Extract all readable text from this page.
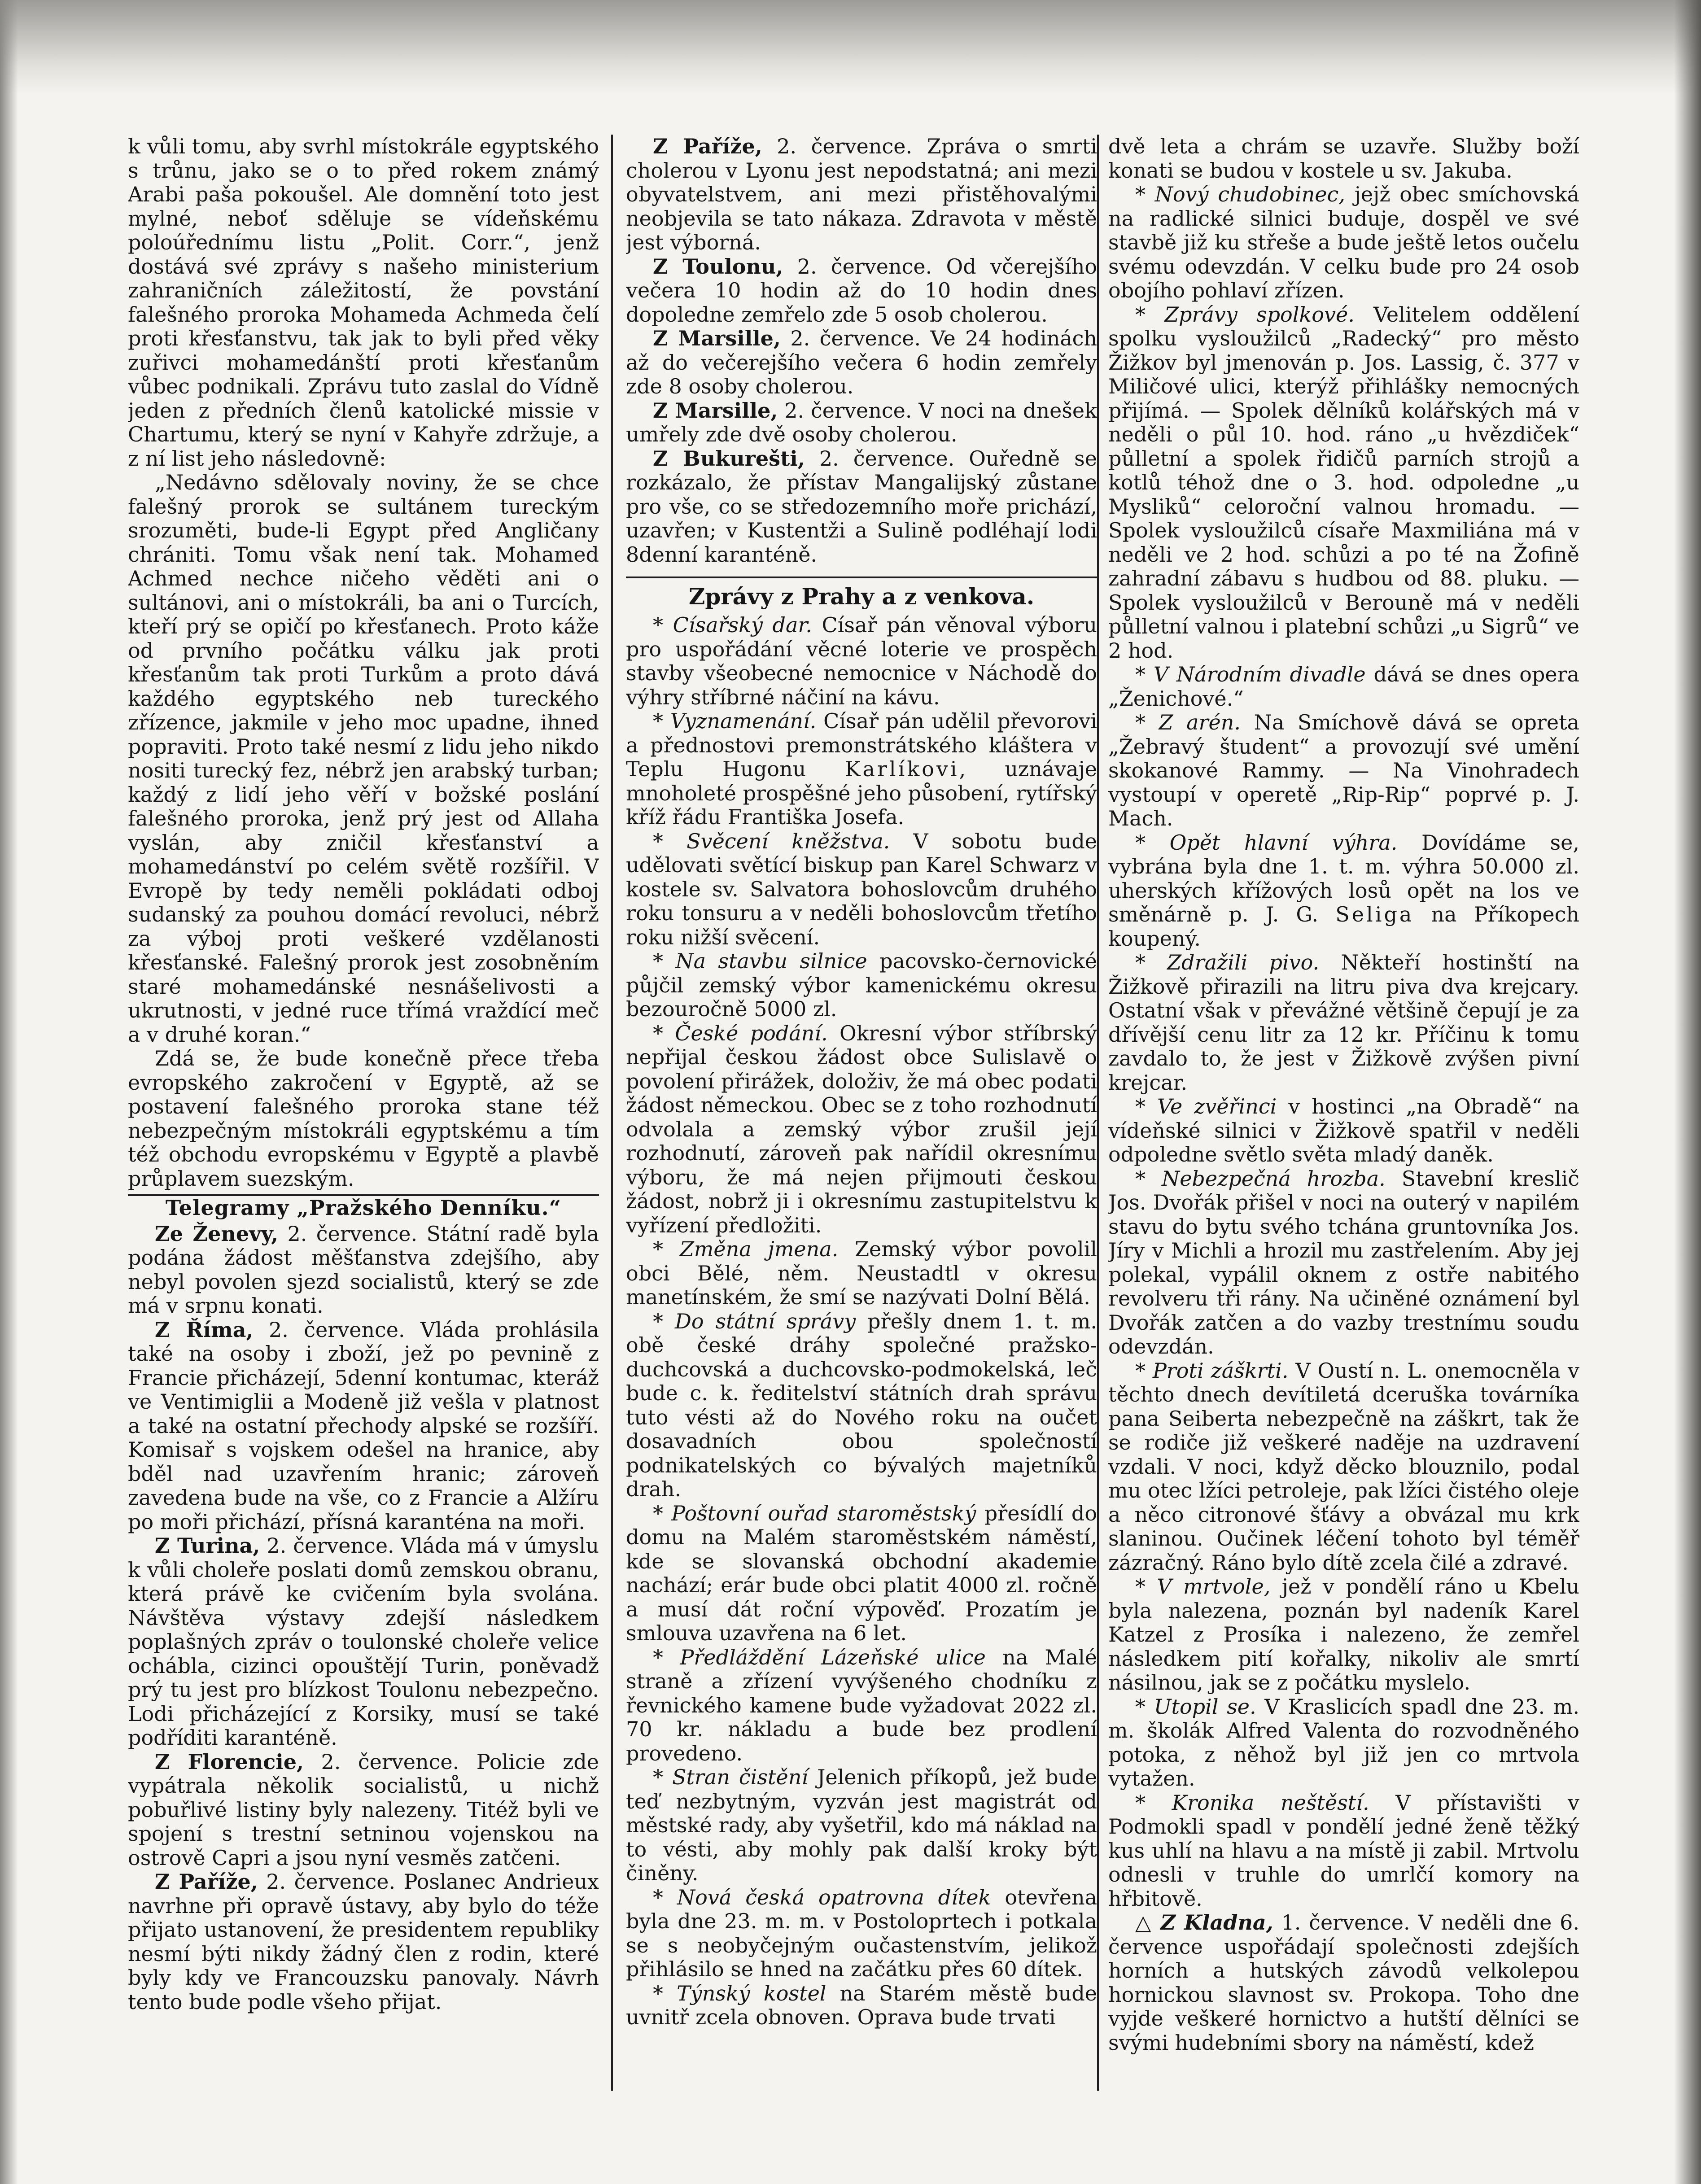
k vůli tomu, aby svrhl místokrále egyptského s trůnu, jako se o to před rokem známý Arabi paša pokoušel. Ale domnění toto jest mylné, neboť sděluje se vídeňskému poloúřednímu listu „Polit. Corr.“, jenž dostává své zprávy s našeho ministerium zahraničních záležitostí, že povstání falešného proroka Mohameda Achmeda čelí proti křesťanstvu, tak jak to byli před věky zuřivci mohamedánští proti křesťanům vůbec podnikali. Zprávu tuto zaslal do Vídně jeden z předních členů katolické missie v Chartumu, který se nyní v Kahyře zdržuje, a z ní list jeho následovně:

„Nedávno sdělovaly noviny, že se chce falešný prorok se sultánem tureckým srozuměti, bude-li Egypt před Angličany chrániti. Tomu však není tak. Mohamed Achmed nechce ničeho věděti ani o sultánovi, ani o místokráli, ba ani o Turcích, kteří prý se opičí po křesťanech. Proto káže od prvního počátku válku jak proti křesťanům tak proti Turkům a proto dává každého egyptského neb tureckého zřízence, jakmile v jeho moc upadne, ihned popraviti. Proto také nesmí z lidu jeho nikdo nositi turecký fez, nébrž jen arabský turban; každý z lidí jeho věří v božské poslání falešného proroka, jenž prý jest od Allaha vyslán, aby zničil křesťanství a mohamedánství po celém světě rozšířil. V Evropě by tedy neměli pokládati odboj sudanský za pouhou domácí revoluci, nébrž za výboj proti veškeré vzdělanosti křesťanské. Falešný prorok jest zosobněním staré mohamedánské nesnášelivosti a ukrutnosti, v jedné ruce třímá vraždící meč a v druhé koran.“

Zdá se, že bude konečně přece třeba evropského zakročení v Egyptě, až se postavení falešného proroka stane též nebezpečným místokráli egyptskému a tím též obchodu evropskému v Egyptě a plavbě průplavem suezským.

Telegramy „Pražského Denníku.“

Ze Ženevy, 2. července. Státní radě byla podána žádost měšťanstva zdejšího, aby nebyl povolen sjezd socialistů, který se zde má v srpnu konati.

Z Říma, 2. července. Vláda prohlásila také na osoby i zboží, jež po pevnině z Francie přicházejí, 5denní kontumac, kteráž ve Ventimiglii a Modeně již vešla v platnost a také na ostatní přechody alpské se rozšíří. Komisař s vojskem odešel na hranice, aby bděl nad uzavřením hranic; zároveň zavedena bude na vše, co z Francie a Alžíru po moři přichází, přísná karanténa na moři.

Z Turina, 2. července. Vláda má v úmyslu k vůli choleře poslati domů zemskou obranu, která právě ke cvičením byla svolána. Návštěva výstavy zdejší následkem poplašných zpráv o toulonské choleře velice ochábla, cizinci opouštějí Turin, poněvadž prý tu jest pro blízkost Toulonu nebezpečno. Lodi přicházející z Korsiky, musí se také podříditi karanténě.

Z Florencie, 2. července. Policie zde vypátrala několik socialistů, u nichž pobuřlivé listiny byly nalezeny. Titéž byli ve spojení s trestní setninou vojenskou na ostrově Capri a jsou nyní vesměs zatčeni.

Z Paříže, 2. července. Poslanec Andrieux navrhne při opravě ústavy, aby bylo do téže přijato ustanovení, že presidentem republiky nesmí býti nikdy žádný člen z rodin, které byly kdy ve Francouzsku panovaly. Návrh tento bude podle všeho přijat.

Z Paříže, 2. července. Zpráva o smrti cholerou v Lyonu jest nepodstatná; ani mezi obyvatelstvem, ani mezi přistěhovalými neobjevila se tato nákaza. Zdravota v městě jest výborná.

Z Toulonu, 2. července. Od včerejšího večera 10 hodin až do 10 hodin dnes dopoledne zemřelo zde 5 osob cholerou.

Z Marsille, 2. července. Ve 24 hodinách až do večerejšího večera 6 hodin zemřely zde 8 osoby cholerou.

Z Marsille, 2. července. V noci na dnešek umřely zde dvě osoby cholerou.

Z Bukurešti, 2. července. Ouředně se rozkázalo, že přístav Mangalijský zůstane pro vše, co se středozemního moře prichází, uzavřen; v Kustentži a Sulině podléhají lodi 8denní karanténě.

Zprávy z Prahy a z venkova.

* Císařský dar. Císař pán věnoval výboru pro uspořádání věcné loterie ve prospěch stavby všeobecné nemocnice v Náchodě do výhry stříbrné náčiní na kávu.

* Vyznamenání. Císař pán udělil převorovi a přednostovi premonstrátského kláštera v Teplu Hugonu Karlíkovi, uznávaje mnoholeté prospěšné jeho působení, rytířský kříž řádu Františka Josefa.

* Svěcení kněžstva. V sobotu bude udělovati světící biskup pan Karel Schwarz v kostele sv. Salvatora bohoslovcům druhého roku tonsuru a v neděli bohoslovcům třetího roku nižší svěcení.

* Na stavbu silnice pacovsko-černovické půjčil zemský výbor kamenickému okresu bezouročně 5000 zl.

* České podání. Okresní výbor stříbrský nepřijal českou žádost obce Sulislavě o povolení přirážek, doloživ, že má obec podati žádost německou. Obec se z toho rozhodnutí odvolala a zemský výbor zrušil její rozhodnutí, zároveň pak nařídil okresnímu výboru, že má nejen přijmouti českou žádost, nobrž ji i okresnímu zastupitelstvu k vyřízení předložiti.

* Změna jmena. Zemský výbor povolil obci Bělé, něm. Neustadtl v okresu manetínském, že smí se nazývati Dolní Bělá.

* Do státní správy přešly dnem 1. t. m. obě české dráhy společné pražsko-duchcovská a duchcovsko-podmokelská, leč bude c. k. ředitelství státních drah správu tuto vésti až do Nového roku na oučet dosavadních obou společností podnikatelských co bývalých majetníků drah.

* Poštovní ouřad staroměstský přesídlí do domu na Malém staroměstském náměstí, kde se slovanská obchodní akademie nachází; erár bude obci platit 4000 zl. ročně a musí dát roční výpověď. Prozatím je smlouva uzavřena na 6 let.

* Předláždění Lázeňské ulice na Malé straně a zřízení vyvýšeného chodníku z řevnického kamene bude vyžadovat 2022 zl. 70 kr. nákladu a bude bez prodlení provedeno.

* Stran čistění Jelenich příkopů, jež bude teď nezbytným, vyzván jest magistrát od městské rady, aby vyšetřil, kdo má náklad na to vésti, aby mohly pak další kroky být činěny.

* Nová česká opatrovna dítek otevřena byla dne 23. m. m. v Postoloprtech i potkala se s neobyčejným oučastenstvím, jelikož přihlásilo se hned na začátku přes 60 dítek.

* Týnský kostel na Starém městě bude uvnitř zcela obnoven. Oprava bude trvati

dvě leta a chrám se uzavře. Služby boží konati se budou v kostele u sv. Jakuba.

* Nový chudobinec, jejž obec smíchovská na radlické silnici buduje, dospěl ve své stavbě již ku střeše a bude ještě letos oučelu svému odevzdán. V celku bude pro 24 osob obojího pohlaví zřízen.

* Zprávy spolkové. Velitelem oddělení spolku vysloužilců „Radecký“ pro město Žižkov byl jmenován p. Jos. Lassig, č. 377 v Miličové ulici, kterýž přihlášky nemocných přijímá. — Spolek dělníků kolářských má v neděli o půl 10. hod. ráno „u hvězdiček“ půlletní a spolek řidičů parních strojů a kotlů téhož dne o 3. hod. odpoledne „u Mysliků“ celoroční valnou hromadu. — Spolek vysloužilců císaře Maxmiliána má v neděli ve 2 hod. schůzi a po té na Žofině zahradní zábavu s hudbou od 88. pluku. — Spolek vysloužilců v Berouně má v neděli půlletní valnou i platební schůzi „u Sigrů“ ve 2 hod.

* V Národním divadle dává se dnes opera „Ženichové.“

* Z arén. Na Smíchově dává se opreta „Žebravý študent“ a provozují své umění skokanové Rammy. — Na Vinohradech vystoupí v operetě „Rip-Rip“ poprvé p. J. Mach.

* Opět hlavní výhra. Dovídáme se, vybrána byla dne 1. t. m. výhra 50.000 zl. uherských křížových losů opět na los ve směnárně p. J. G. Seliga na Příkopech koupený.

* Zdražili pivo. Někteří hostinští na Žižkově přirazili na litru piva dva krejcary. Ostatní však v převážné většině čepují je za dřívější cenu litr za 12 kr. Příčinu k tomu zavdalo to, že jest v Žižkově zvýšen pivní krejcar.

* Ve zvěřinci v hostinci „na Obradě“ na vídeňské silnici v Žižkově spatřil v neděli odpoledne světlo světa mladý daněk.

* Nebezpečná hrozba. Stavební kreslič Jos. Dvořák přišel v noci na outerý v napilém stavu do bytu svého tchána gruntovníka Jos. Jíry v Michli a hrozil mu zastřelením. Aby jej polekal, vypálil oknem z ostře nabitého revolveru tři rány. Na učiněné oznámení byl Dvořák zatčen a do vazby trestnímu soudu odevzdán.

* Proti záškrti. V Oustí n. L. onemocněla v těchto dnech devítiletá dceruška továrníka pana Seiberta nebezpečně na záškrt, tak že se rodiče již veškeré naděje na uzdravení vzdali. V noci, když děcko blouznilo, podal mu otec lžíci petroleje, pak lžíci čistého oleje a něco citronové šťávy a obvázal mu krk slaninou. Oučinek léčení tohoto byl téměř zázračný. Ráno bylo dítě zcela čilé a zdravé.

* V mrtvole, jež v pondělí ráno u Kbelu byla nalezena, poznán byl nadeník Karel Katzel z Prosíka i nalezeno, že zemřel následkem pití kořalky, nikoliv ale smrtí násilnou, jak se z počátku myslelo.

* Utopil se. V Kraslicích spadl dne 23. m. m. školák Alfred Valenta do rozvodněného potoka, z něhož byl již jen co mrtvola vytažen.

* Kronika neštěstí. V přístavišti v Podmokli spadl v pondělí jedné ženě těžký kus uhlí na hlavu a na místě ji zabil. Mrtvolu odnesli v truhle do umrlčí komory na hřbitově.

△ Z Kladna, 1. července. V neděli dne 6. července uspořádají společnosti zdejších horních a hutských závodů velkolepou hornickou slavnost sv. Prokopa. Toho dne vyjde veškeré hornictvo a hutští dělníci se svými hudebními sbory na náměstí, kdež
